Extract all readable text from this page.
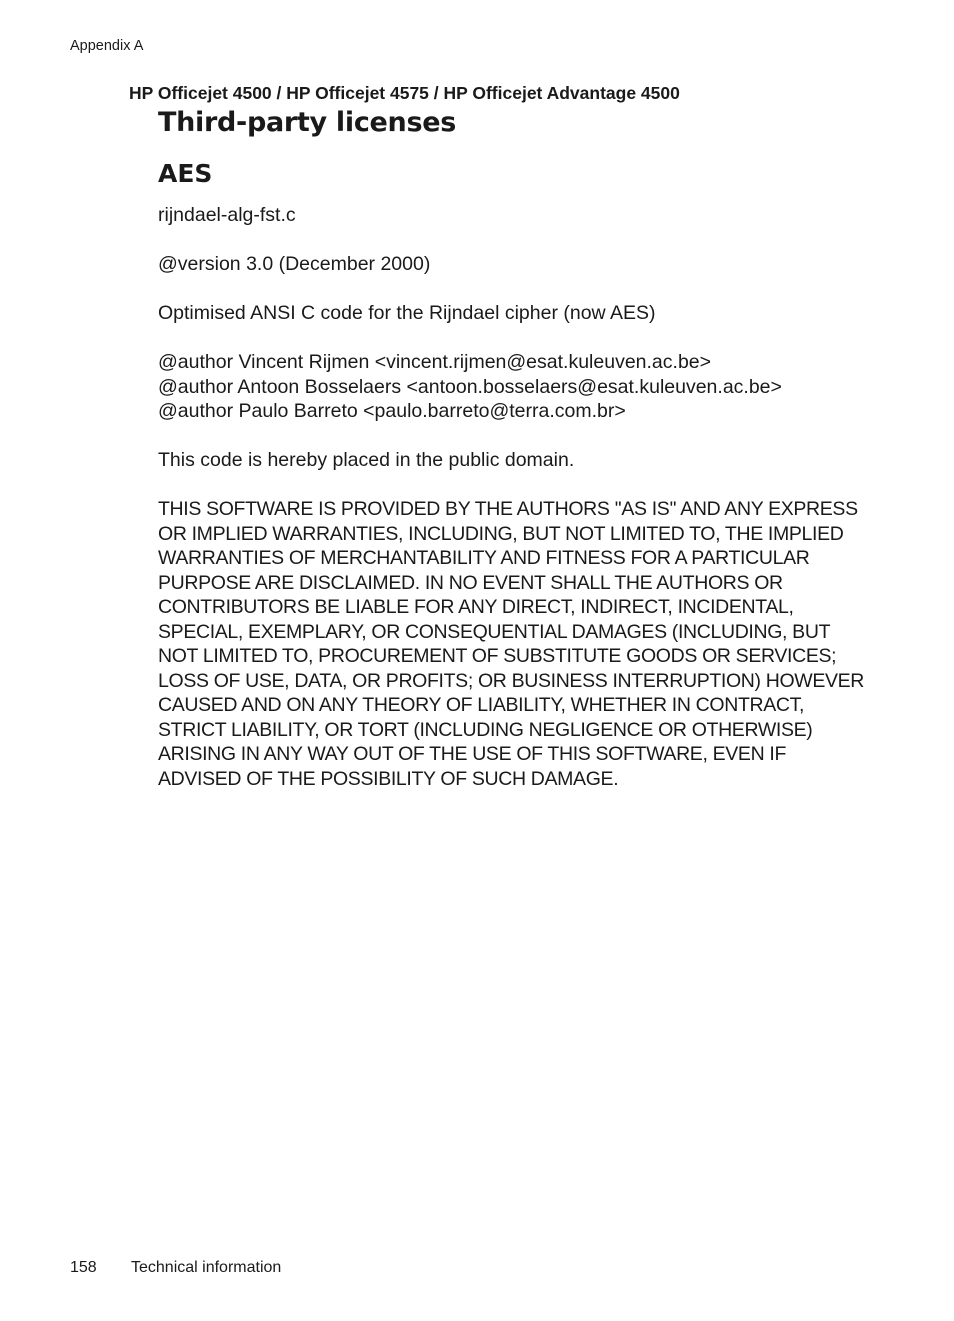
Appendix A
HP Officejet 4500 / HP Officejet 4575 / HP Officejet Advantage 4500
Third-party licenses
AES

rijndael-alg-fst.c

@version 3.0 (December 2000)

Optimised ANSI C code for the Rijndael cipher (now AES)

@author Vincent Rijmen <vincent.rijmen@esat.kuleuven.ac.be>
@author Antoon Bosselaers <antoon.bosselaers@esat.kuleuven.ac.be>
@author Paulo Barreto <paulo.barreto@terra.com.br>

This code is hereby placed in the public domain.

THIS SOFTWARE IS PROVIDED BY THE AUTHORS ''AS IS'' AND ANY EXPRESS
OR IMPLIED WARRANTIES, INCLUDING, BUT NOT LIMITED TO, THE IMPLIED
WARRANTIES OF MERCHANTABILITY AND FITNESS FOR A PARTICULAR
PURPOSE ARE DISCLAIMED. IN NO EVENT SHALL THE AUTHORS OR
CONTRIBUTORS BE LIABLE FOR ANY DIRECT, INDIRECT, INCIDENTAL,
SPECIAL, EXEMPLARY, OR CONSEQUENTIAL DAMAGES (INCLUDING, BUT
NOT LIMITED TO, PROCUREMENT OF SUBSTITUTE GOODS OR SERVICES;
LOSS OF USE, DATA, OR PROFITS; OR BUSINESS INTERRUPTION) HOWEVER
CAUSED AND ON ANY THEORY OF LIABILITY, WHETHER IN CONTRACT,
STRICT LIABILITY, OR TORT (INCLUDING NEGLIGENCE OR OTHERWISE)
ARISING IN ANY WAY OUT OF THE USE OF THIS SOFTWARE, EVEN IF
ADVISED OF THE POSSIBILITY OF SUCH DAMAGE.
158 Technical information
